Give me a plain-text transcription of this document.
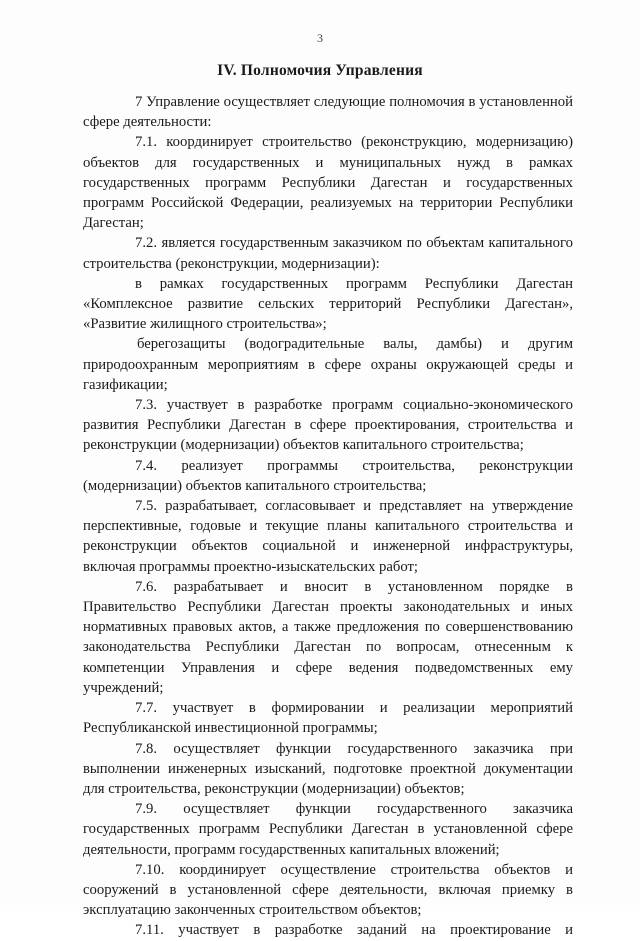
3
IV. Полномочия Управления

7 Управление осуществляет следующие полномочия в установленной сфере деятельности:

7.1. координирует строительство (реконструкцию, модернизацию) объектов для государственных и муниципальных нужд в рамках государственных программ Республики Дагестан и государственных программ Российской Федерации, реализуемых на территории Республики Дагестан;

7.2. является государственным заказчиком по объектам капитального строительства (реконструкции, модернизации):

в рамках государственных программ Республики Дагестан «Комплексное развитие сельских территорий Республики Дагестан», «Развитие жилищного строительства»;

берегозащиты (водоградительные валы, дамбы) и другим природоохранным мероприятиям в сфере охраны окружающей среды и газификации;

7.3. участвует в разработке программ социально-экономического развития Республики Дагестан в сфере проектирования, строительства и реконструкции (модернизации) объектов капитального строительства;

7.4. реализует программы строительства, реконструкции (модернизации) объектов капитального строительства;

7.5. разрабатывает, согласовывает и представляет на утверждение перспективные, годовые и текущие планы капитального строительства и реконструкции объектов социальной и инженерной инфраструктуры, включая программы проектно-изыскательских работ;

7.6. разрабатывает и вносит в установленном порядке в Правительство Республики Дагестан проекты законодательных и иных нормативных правовых актов, а также предложения по совершенствованию законодательства Республики Дагестан по вопросам, отнесенным к компетенции Управления и сфере ведения подведомственных ему учреждений;

7.7. участвует в формировании и реализации мероприятий Республиканской инвестиционной программы;

7.8. осуществляет функции государственного заказчика при выполнении инженерных изысканий, подготовке проектной документации для строительства, реконструкции (модернизации) объектов;

7.9. осуществляет функции государственного заказчика государственных программ Республики Дагестан в установленной сфере деятельности, программ государственных капитальных вложений;

7.10. координирует осуществление строительства объектов и сооружений в установленной сфере деятельности, включая приемку в эксплуатацию законченных строительством объектов;

7.11. участвует в разработке заданий на проектирование и
